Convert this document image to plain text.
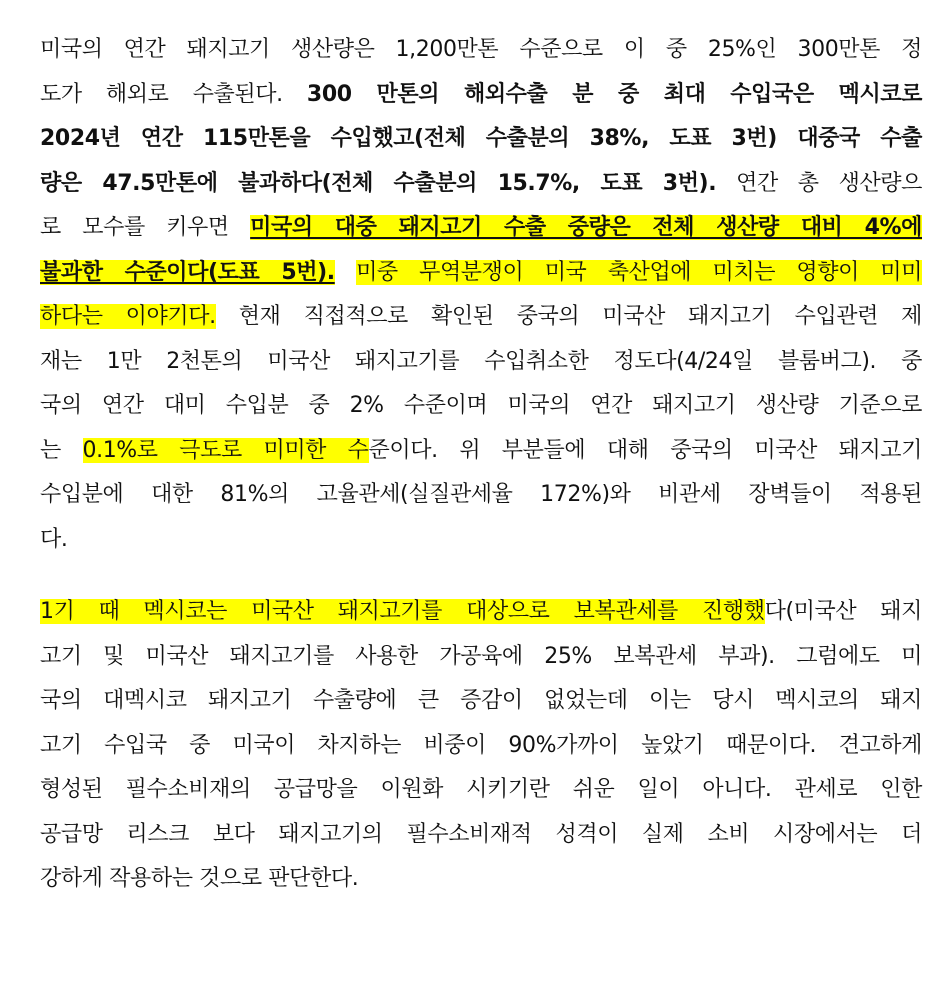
미국의 연간 돼지고기 생산량은 1,200만톤 수준으로 이 중 25%인 300만톤 정
도가 해외로 수출된다. 300 만톤의 해외수출 분 중 최대 수입국은 멕시코로
2024년 연간 115만톤을 수입했고(전체 수출분의 38%, 도표 3번) 대중국 수출
량은 47.5만톤에 불과하다(전체 수출분의 15.7%, 도표 3번). 연간 총 생산량으
로 모수를 키우면 미국의 대중 돼지고기 수출 중량은 전체 생산량 대비 4%에
불과한 수준이다(도표 5번). 미중 무역분쟁이 미국 축산업에 미치는 영향이 미미
하다는 이야기다. 현재 직접적으로 확인된 중국의 미국산 돼지고기 수입관련 제
재는 1만 2천톤의 미국산 돼지고기를 수입취소한 정도다(4/24일 블룸버그). 중
국의 연간 대미 수입분 중 2% 수준이며 미국의 연간 돼지고기 생산량 기준으로
는 0.1%로 극도로 미미한 수준이다. 위 부분들에 대해 중국의 미국산 돼지고기
수입분에 대한 81%의 고율관세(실질관세율 172%)와 비관세 장벽들이 적용된
다.
1기 때 멕시코는 미국산 돼지고기를 대상으로 보복관세를 진행했다(미국산 돼지
고기 및 미국산 돼지고기를 사용한 가공육에 25% 보복관세 부과). 그럼에도 미
국의 대멕시코 돼지고기 수출량에 큰 증감이 없었는데 이는 당시 멕시코의 돼지
고기 수입국 중 미국이 차지하는 비중이 90%가까이 높았기 때문이다. 견고하게
형성된 필수소비재의 공급망을 이원화 시키기란 쉬운 일이 아니다. 관세로 인한
공급망 리스크 보다 돼지고기의 필수소비재적 성격이 실제 소비 시장에서는 더
강하게 작용하는 것으로 판단한다.
